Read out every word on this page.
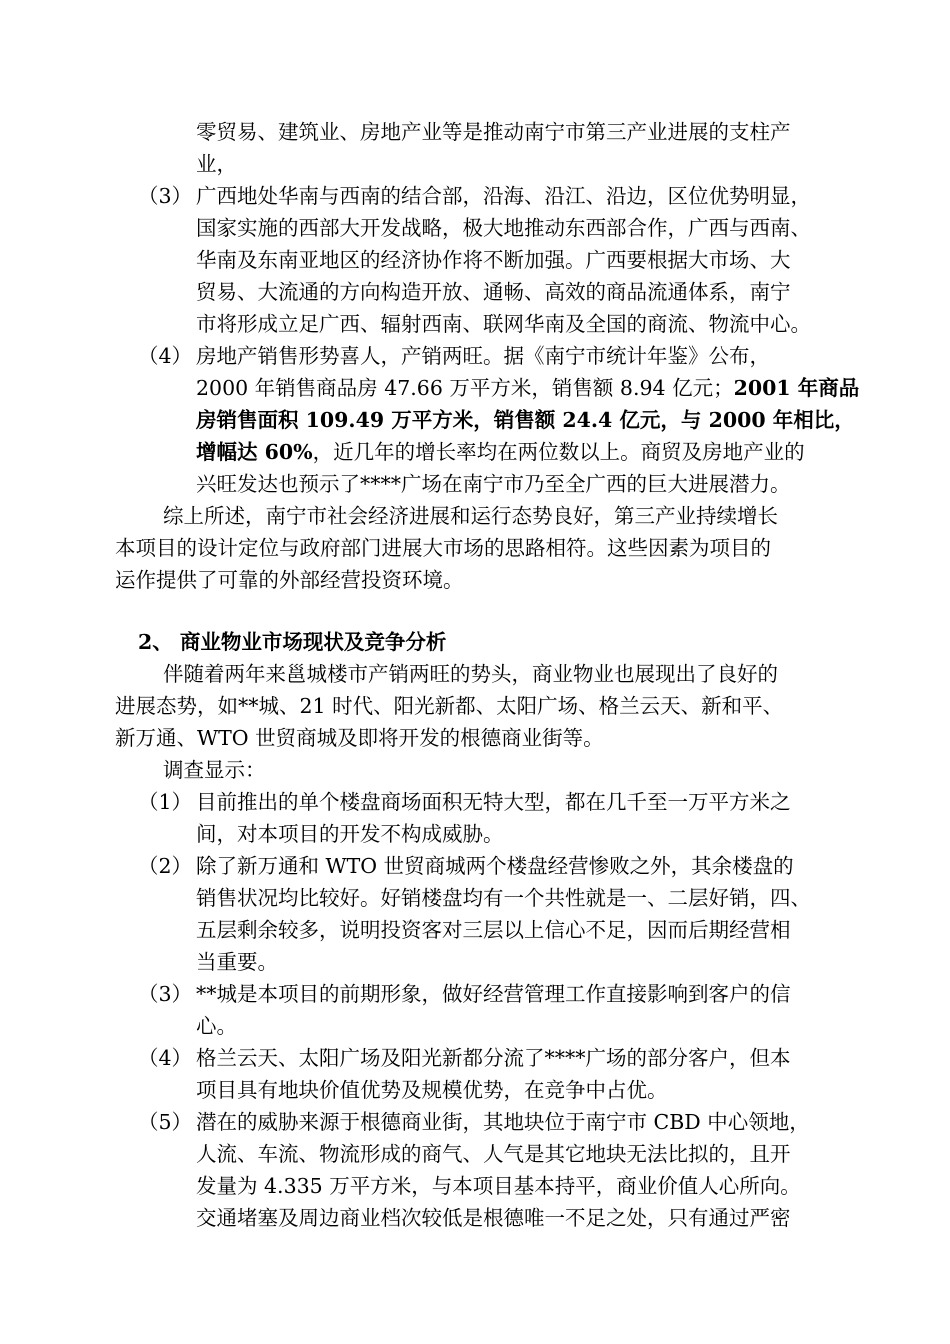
零贸易、建筑业、房地产业等是推动南宁市第三产业进展的支柱产
业，
（3） 广西地处华南与西南的结合部，沿海、沿江、沿边，区位优势明显，
国家实施的西部大开发战略，极大地推动东西部合作，广西与西南、
华南及东南亚地区的经济协作将不断加强。广西要根据大市场、大
贸易、大流通的方向构造开放、通畅、高效的商品流通体系，南宁
市将形成立足广西、辐射西南、联网华南及全国的商流、物流中心。
（4） 房地产销售形势喜人，产销两旺。据《南宁市统计年鉴》公布，
2000 年销售商品房 47.66 万平方米，销售额 8.94 亿元；2001 年商品
房销售面积 109.49 万平方米，销售额 24.4 亿元，与 2000 年相比，
增幅达 60%，近几年的增长率均在两位数以上。商贸及房地产业的
兴旺发达也预示了****广场在南宁市乃至全广西的巨大进展潜力。
综上所述，南宁市社会经济进展和运行态势良好，第三产业持续增长
本项目的设计定位与政府部门进展大市场的思路相符。这些因素为项目的
运作提供了可靠的外部经营投资环境。
2、 商业物业市场现状及竞争分析
伴随着两年来邕城楼市产销两旺的势头，商业物业也展现出了良好的
进展态势，如**城、21 时代、阳光新都、太阳广场、格兰云天、新和平、
新万通、WTO 世贸商城及即将开发的根德商业街等。
调查显示：
（1） 目前推出的单个楼盘商场面积无特大型，都在几千至一万平方米之
间，对本项目的开发不构成威胁。
（2） 除了新万通和 WTO 世贸商城两个楼盘经营惨败之外，其余楼盘的
销售状况均比较好。好销楼盘均有一个共性就是一、二层好销，四、
五层剩余较多，说明投资客对三层以上信心不足，因而后期经营相
当重要。
（3） **城是本项目的前期形象，做好经营管理工作直接影响到客户的信
心。
（4） 格兰云天、太阳广场及阳光新都分流了****广场的部分客户，但本
项目具有地块价值优势及规模优势，在竞争中占优。
（5） 潜在的威胁来源于根德商业街，其地块位于南宁市 CBD 中心领地，
人流、车流、物流形成的商气、人气是其它地块无法比拟的，且开
发量为 4.335 万平方米，与本项目基本持平，商业价值人心所向。
交通堵塞及周边商业档次较低是根德唯一不足之处，只有通过严密
